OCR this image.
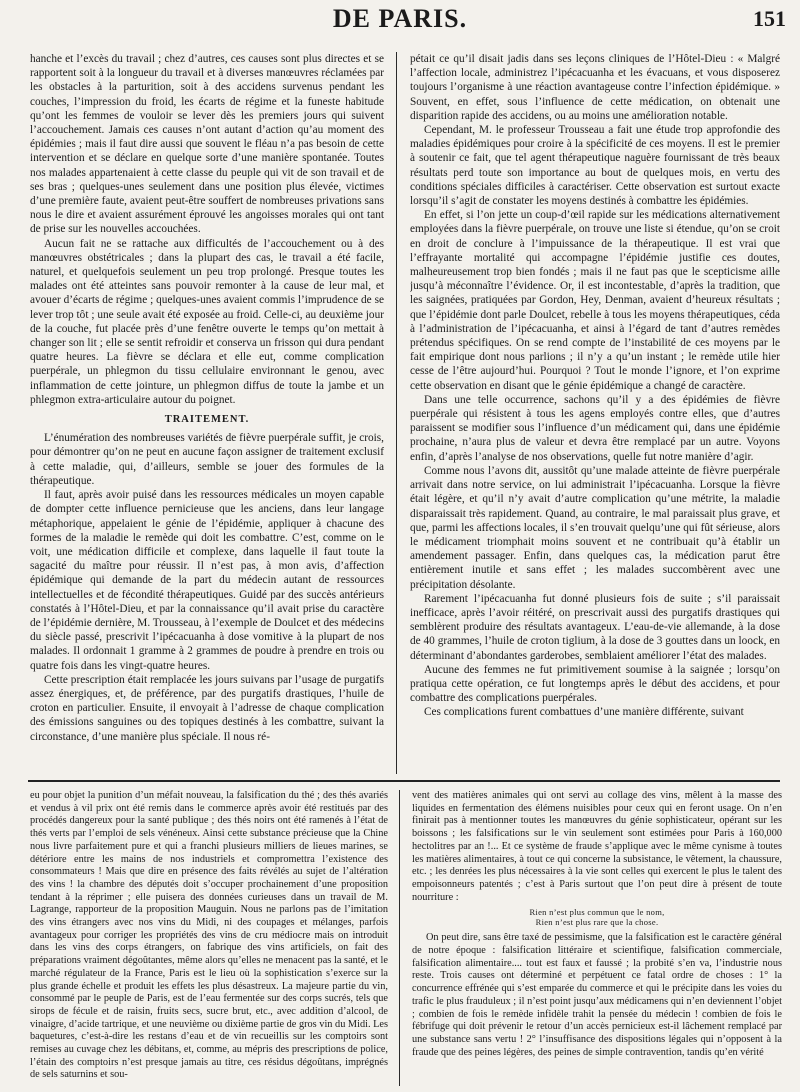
DE PARIS.	151

hanche et l’excès du travail ; chez d’autres, ces causes sont plus directes et se rapportent soit à la longueur du travail et à diverses manœuvres réclamées par les obstacles à la parturition, soit à des accidens survenus pendant les couches, l’impression du froid, les écarts de régime et la funeste habitude qu’ont les femmes de vouloir se lever dès les premiers jours qui suivent l’accouchement. Jamais ces causes n’ont autant d’action qu’au moment des épidémies ; mais il faut dire aussi que souvent le fléau n’a pas besoin de cette intervention et se déclare en quelque sorte d’une manière spontanée. Toutes nos malades appartenaient à cette classe du peuple qui vit de son travail et de ses bras ; quelques-unes seulement dans une position plus élevée, victimes d’une première faute, avaient peut-être souffert de nombreuses privations sans nous le dire et avaient assurément éprouvé les angoisses morales qui ont tant de prise sur les nouvelles accouchées.

Aucun fait ne se rattache aux difficultés de l’accouchement ou à des manœuvres obstétricales ; dans la plupart des cas, le travail a été facile, naturel, et quelquefois seulement un peu trop prolongé. Presque toutes les malades ont été atteintes sans pouvoir remonter à la cause de leur mal, et avouer d’écarts de régime ; quelques-unes avaient commis l’imprudence de se lever trop tôt ; une seule avait été exposée au froid. Celle-ci, au deuxième jour de la couche, fut placée près d’une fenêtre ouverte le temps qu’on mettait à changer son lit ; elle se sentit refroidir et conserva un frisson qui dura pendant quatre heures. La fièvre se déclara et elle eut, comme complication puerpérale, un phlegmon du tissu cellulaire environnant le genou, avec inflammation de cette jointure, un phlegmon diffus de toute la jambe et un phlegmon extra-articulaire autour du poignet.

TRAITEMENT.

L’énumération des nombreuses variétés de fièvre puerpérale suffit, je crois, pour démontrer qu’on ne peut en aucune façon assigner de traitement exclusif à cette maladie, qui, d’ailleurs, semble se jouer des formules de la thérapeutique.

Il faut, après avoir puisé dans les ressources médicales un moyen capable de dompter cette influence pernicieuse que les anciens, dans leur langage métaphorique, appelaient le génie de l’épidémie, appliquer à chacune des formes de la maladie le remède qui doit les combattre. C’est, comme on le voit, une médication difficile et complexe, dans laquelle il faut toute la sagacité du maître pour réussir. Il n’est pas, à mon avis, d’affection épidémique qui demande de la part du médecin autant de ressources intellectuelles et de fécondité thérapeutiques. Guidé par des succès antérieurs constatés à l’Hôtel-Dieu, et par la connaissance qu’il avait prise du caractère de l’épidémie dernière, M. Trousseau, à l’exemple de Doulcet et des médecins du siècle passé, prescrivit l’ipécacuanha à dose vomitive à la plupart de nos malades. Il ordonnait 1 gramme à 2 grammes de poudre à prendre en trois ou quatre fois dans les vingt-quatre heures.

Cette prescription était remplacée les jours suivans par l’usage de purgatifs assez énergiques, et, de préférence, par des purgatifs drastiques, l’huile de croton en particulier. Ensuite, il envoyait à l’adresse de chaque complication des émissions sanguines ou des topiques destinés à les combattre, suivant la circonstance, d’une manière plus spéciale. Il nous ré-

pétait ce qu’il disait jadis dans ses leçons cliniques de l’Hôtel-Dieu : « Malgré l’affection locale, administrez l’ipécacuanha et les évacuans, et vous disposerez toujours l’organisme à une réaction avantageuse contre l’infection épidémique. » Souvent, en effet, sous l’influence de cette médication, on obtenait une disparition rapide des accidens, ou au moins une amélioration notable.

Cependant, M. le professeur Trousseau a fait une étude trop approfondie des maladies épidémiques pour croire à la spécificité de ces moyens. Il est le premier à soutenir ce fait, que tel agent thérapeutique naguère fournissant de très beaux résultats perd toute son importance au bout de quelques mois, en vertu des conditions spéciales difficiles à caractériser. Cette observation est surtout exacte lorsqu’il s’agit de constater les moyens destinés à combattre les épidémies.

En effet, si l’on jette un coup-d’œil rapide sur les médications alternativement employées dans la fièvre puerpérale, on trouve une liste si étendue, qu’on se croit en droit de conclure à l’impuissance de la thérapeutique. Il est vrai que l’effrayante mortalité qui accompagne l’épidémie justifie ces doutes, malheureusement trop bien fondés ; mais il ne faut pas que le scepticisme aille jusqu’à méconnaître l’évidence. Or, il est incontestable, d’après la tradition, que les saignées, pratiquées par Gordon, Hey, Denman, avaient d’heureux résultats ; que l’épidémie dont parle Doulcet, rebelle à tous les moyens thérapeutiques, céda à l’administration de l’ipécacuanha, et ainsi à l’égard de tant d’autres remèdes prétendus spécifiques. On se rend compte de l’instabilité de ces moyens par le fait empirique dont nous parlions ; il n’y a qu’un instant ; le remède utile hier cesse de l’être aujourd’hui. Pourquoi ? Tout le monde l’ignore, et l’on exprime cette observation en disant que le génie épidémique a changé de caractère.

Dans une telle occurrence, sachons qu’il y a des épidémies de fièvre puerpérale qui résistent à tous les agens employés contre elles, que d’autres paraissent se modifier sous l’influence d’un médicament qui, dans une épidémie prochaine, n’aura plus de valeur et devra être remplacé par un autre. Voyons enfin, d’après l’analyse de nos observations, quelle fut notre manière d’agir.

Comme nous l’avons dit, aussitôt qu’une malade atteinte de fièvre puerpérale arrivait dans notre service, on lui administrait l’ipécacuanha. Lorsque la fièvre était légère, et qu’il n’y avait d’autre complication qu’une métrite, la maladie disparaissait très rapidement. Quand, au contraire, le mal paraissait plus grave, et que, parmi les affections locales, il s’en trouvait quelqu’une qui fût sérieuse, alors le médicament triomphait moins souvent et ne contribuait qu’à établir un amendement passager. Enfin, dans quelques cas, la médication parut être entièrement inutile et sans effet ; les malades succombèrent avec une précipitation désolante.

Rarement l’ipécacuanha fut donné plusieurs fois de suite ; s’il paraissait inefficace, après l’avoir réitéré, on prescrivait aussi des purgatifs drastiques qui semblèrent produire des résultats avantageux. L’eau-de-vie allemande, à la dose de 40 grammes, l’huile de croton tiglium, à la dose de 3 gouttes dans un loock, en déterminant d’abondantes garderobes, semblaient améliorer l’état des malades.

Aucune des femmes ne fut primitivement soumise à la saignée ; lorsqu’on pratiqua cette opération, ce fut longtemps après le début des accidens, et pour combattre des complications puerpérales.

Ces complications furent combattues d’une manière différente, suivant

eu pour objet la punition d’un méfait nouveau, la falsification du thé ; des thés avariés et vendus à vil prix ont été remis dans le commerce après avoir été restitués par des procédés dangereux pour la santé publique ; des thés noirs ont été ramenés à l’état de thés verts par l’emploi de sels vénéneux. Ainsi cette substance précieuse que la Chine nous livre parfaitement pure et qui a franchi plusieurs milliers de lieues marines, se détériore entre les mains de nos industriels et compromettra l’existence des consommateurs ! Mais que dire en présence des faits révélés au sujet de l’altération des vins ! la chambre des députés doit s’occuper prochainement d’une proposition tendant à la réprimer ; elle puisera des données curieuses dans un travail de M. Lagrange, rapporteur de la proposition Mauguin. Nous ne parlons pas de l’imitation des vins étrangers avec nos vins du Midi, ni des coupages et mélanges, parfois avantageux pour corriger les propriétés des vins de cru médiocre mais on introduit dans les vins des corps étrangers, on fabrique des vins artificiels, on fait des préparations vraiment dégoûtantes, même alors qu’elles ne menacent pas la santé, et le marché régulateur de la France, Paris est le lieu où la sophistication s’exerce sur la plus grande échelle et produit les effets les plus désastreux. La majeure partie du vin, consommé par le peuple de Paris, est de l’eau fermentée sur des corps sucrés, tels que sirops de fécule et de raisin, fruits secs, sucre brut, etc., avec addition d’alcool, de vinaigre, d’acide tartrique, et une neuvième ou dixième partie de gros vin du Midi. Les baquetures, c’est-à-dire les restans d’eau et de vin recueillis sur les comptoirs sont remises au cuvage chez les débitans, et, comme, au mépris des prescriptions de police, l’étain des comptoirs n’est presque jamais au titre, ces résidus dégoûtans, imprégnés de sels saturnins et sou-

vent des matières animales qui ont servi au collage des vins, mêlent à la masse des liquides en fermentation des élémens nuisibles pour ceux qui en feront usage. On n’en finirait pas à mentionner toutes les manœuvres du génie sophisticateur, opérant sur les boissons ; les falsifications sur le vin seulement sont estimées pour Paris à 160,000 hectolitres par an !... Et ce système de fraude s’applique avec le même cynisme à toutes les matières alimentaires, à tout ce qui concerne la subsistance, le vêtement, la chaussure, etc. ; les denrées les plus nécessaires à la vie sont celles qui exercent le plus le talent des empoisonneurs patentés ; c’est à Paris surtout que l’on peut dire à présent de toute nourriture :

Rien n’est plus commun que le nom,
Rien n’est plus rare que la chose.

On peut dire, sans être taxé de pessimisme, que la falsification est le caractère général de notre époque : falsification littéraire et scientifique, falsification commerciale, falsification alimentaire.... tout est faux et faussé ; la probité s’en va, l’industrie nous reste. Trois causes ont déterminé et perpétuent ce fatal ordre de choses : 1° la concurrence effrénée qui s’est emparée du commerce et qui le précipite dans les voies du trafic le plus frauduleux ; il n’est point jusqu’aux médicamens qui n’en deviennent l’objet ; combien de fois le remède infidèle trahit la pensée du médecin ! combien de fois le fébrifuge qui doit prévenir le retour d’un accès pernicieux est-il lâchement remplacé par une substance sans vertu ! 2° l’insuffisance des dispositions légales qui n’opposent à la fraude que des peines légères, des peines de simple contravention, tandis qu’en vérité
